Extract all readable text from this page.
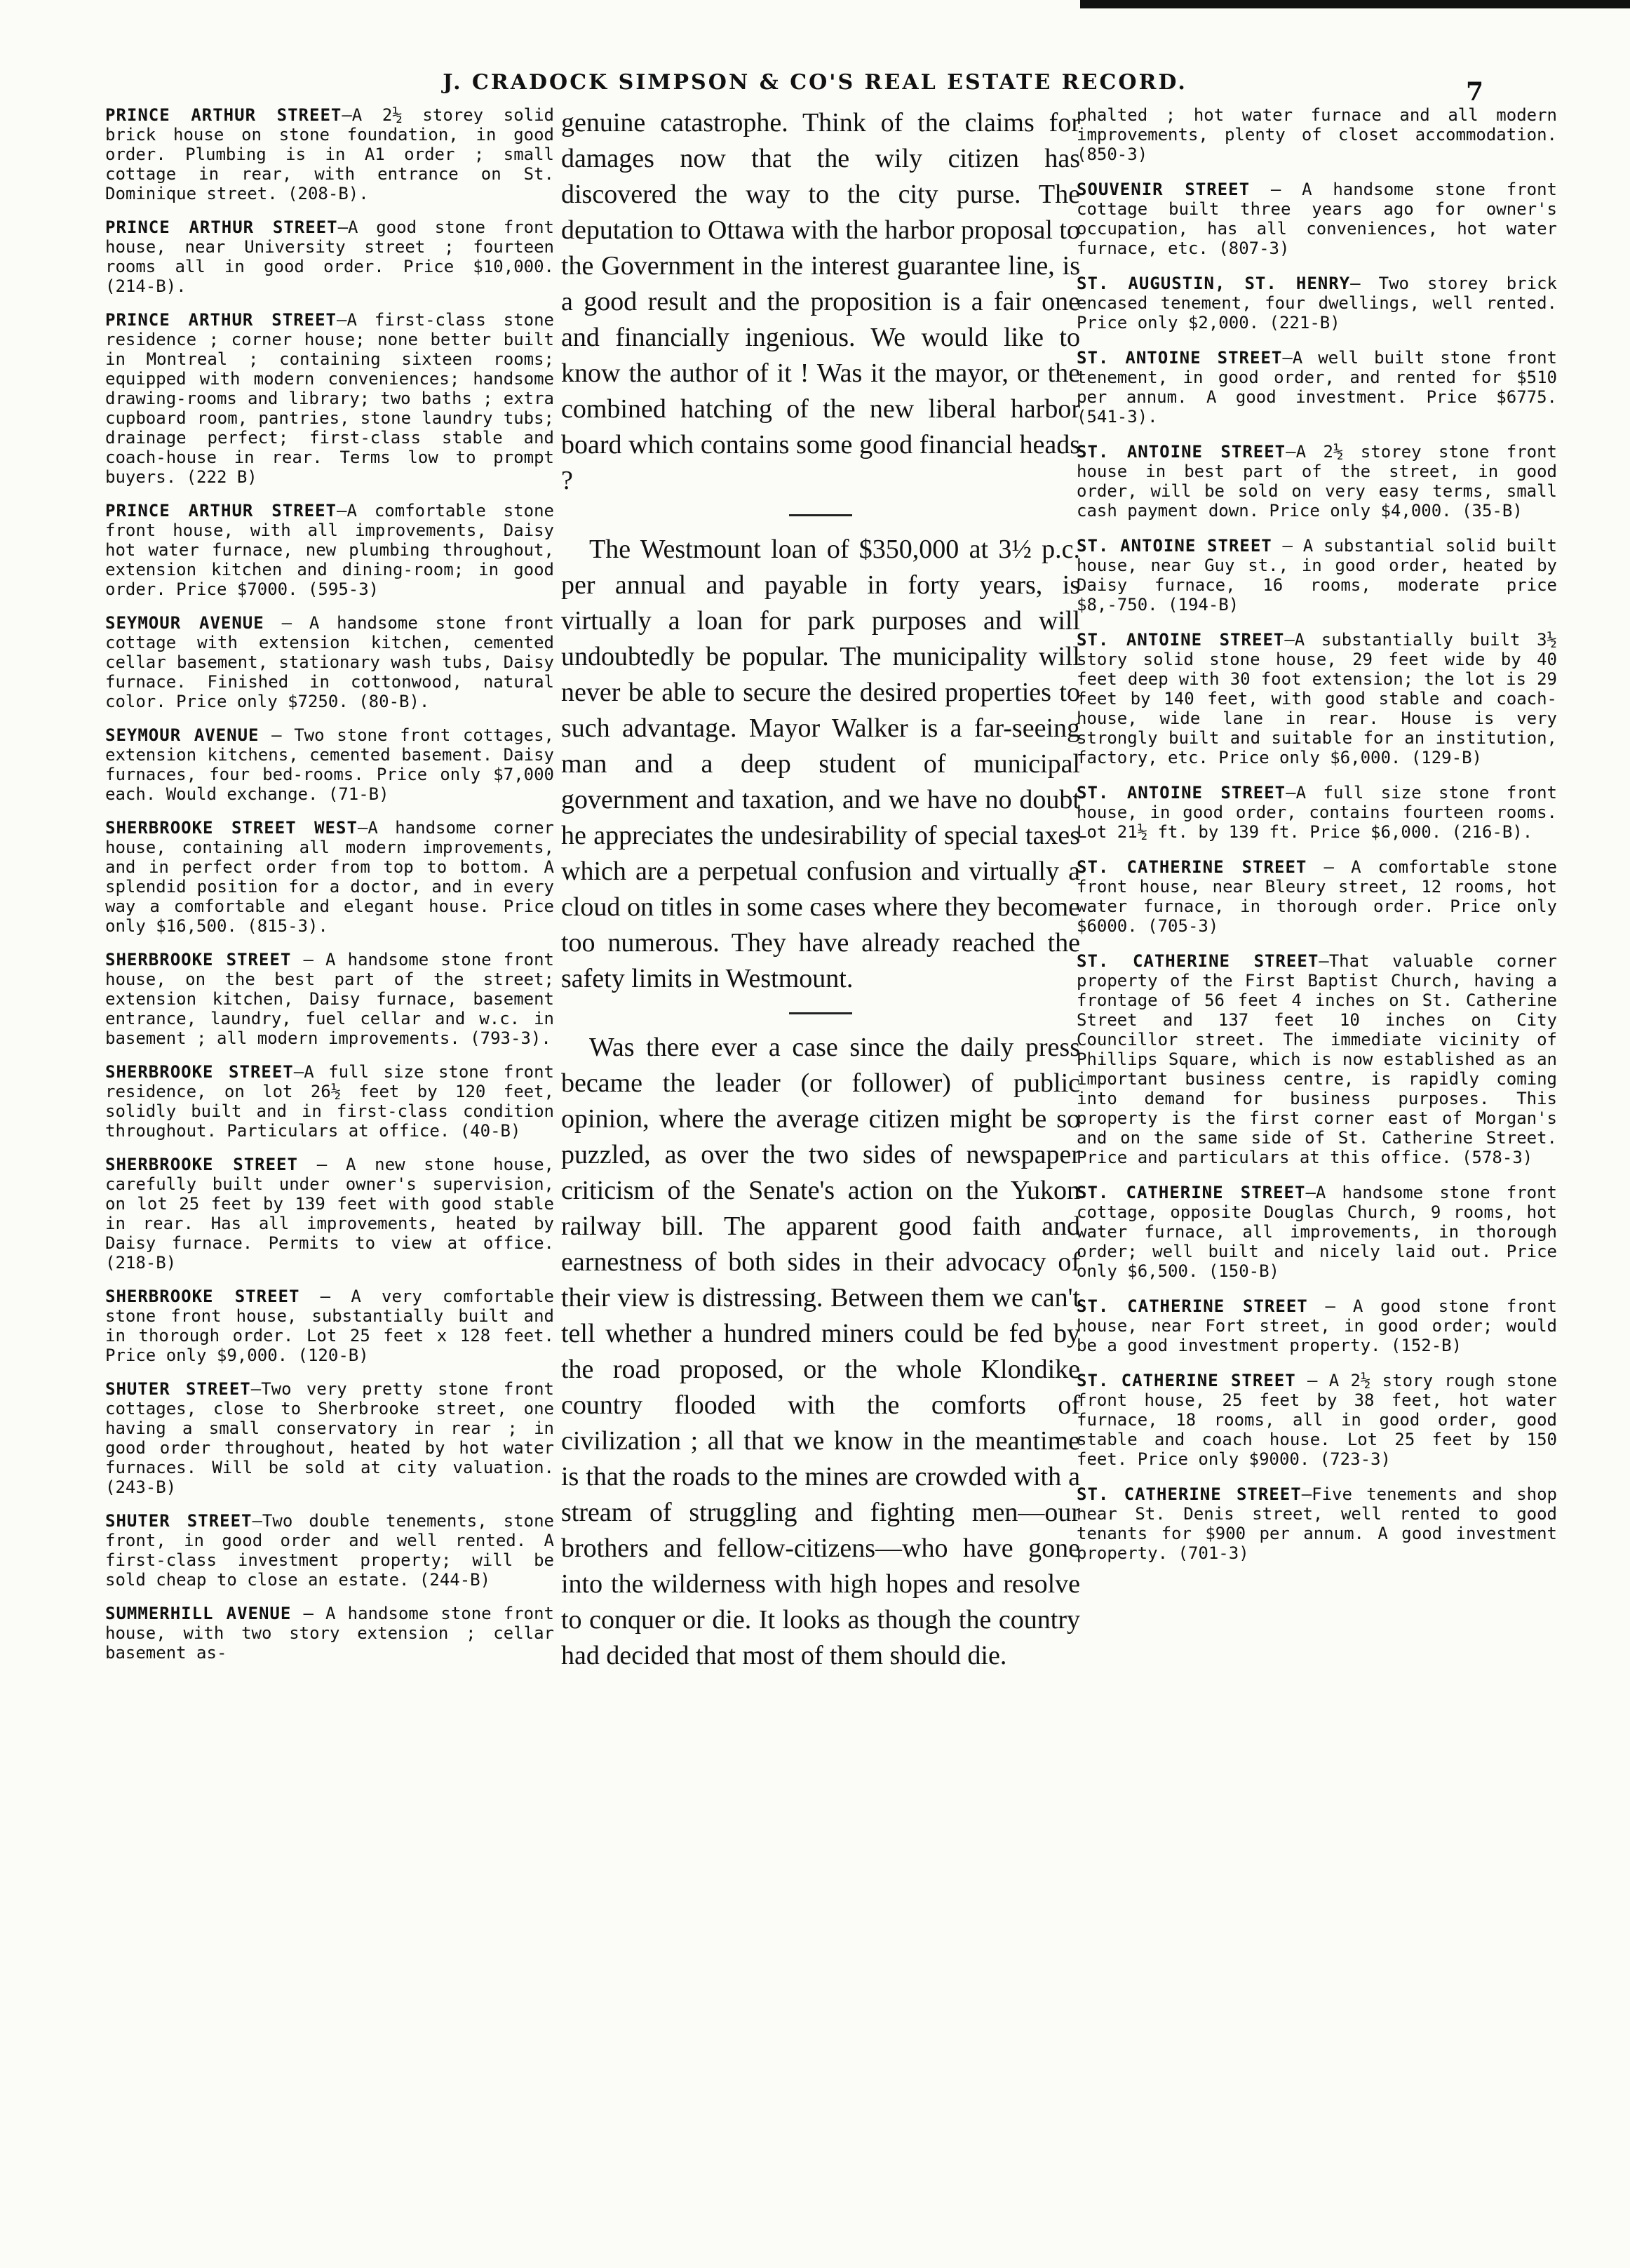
J. CRADOCK SIMPSON & CO'S REAL ESTATE RECORD.	7

PRINCE ARTHUR STREET—A 2½ storey solid brick house on stone foundation, in good order. Plumbing is in A1 order ; small cottage in rear, with entrance on St. Dominique street. (208-B).

PRINCE ARTHUR STREET—A good stone front house, near University street ; fourteen rooms all in good order. Price $10,000. (214-B).

PRINCE ARTHUR STREET—A first-class stone residence ; corner house; none better built in Montreal ; containing sixteen rooms; equipped with modern conveniences; handsome drawing-rooms and library; two baths ; extra cupboard room, pantries, stone laundry tubs; drainage perfect; first-class stable and coach-house in rear. Terms low to prompt buyers. (222 B)

PRINCE ARTHUR STREET—A comfortable stone front house, with all improvements, Daisy hot water furnace, new plumbing throughout, extension kitchen and dining-room; in good order. Price $7000. (595-3)

SEYMOUR AVENUE — A handsome stone front cottage with extension kitchen, cemented cellar basement, stationary wash tubs, Daisy furnace. Finished in cottonwood, natural color. Price only $7250. (80-B).

SEYMOUR AVENUE — Two stone front cottages, extension kitchens, cemented basement. Daisy furnaces, four bed-rooms. Price only $7,000 each. Would exchange. (71-B)

SHERBROOKE STREET WEST—A handsome corner house, containing all modern improvements, and in perfect order from top to bottom. A splendid position for a doctor, and in every way a comfortable and elegant house. Price only $16,500. (815-3).

SHERBROOKE STREET — A handsome stone front house, on the best part of the street; extension kitchen, Daisy furnace, basement entrance, laundry, fuel cellar and w.c. in basement ; all modern improvements. (793-3).

SHERBROOKE STREET—A full size stone front residence, on lot 26½ feet by 120 feet, solidly built and in first-class condition throughout. Particulars at office. (40-B)

SHERBROOKE STREET — A new stone house, carefully built under owner's supervision, on lot 25 feet by 139 feet with good stable in rear. Has all improvements, heated by Daisy furnace. Permits to view at office. (218-B)

SHERBROOKE STREET — A very comfortable stone front house, substantially built and in thorough order. Lot 25 feet x 128 feet. Price only $9,000. (120-B)

SHUTER STREET—Two very pretty stone front cottages, close to Sherbrooke street, one having a small conservatory in rear ; in good order throughout, heated by hot water furnaces. Will be sold at city valuation. (243-B)

SHUTER STREET—Two double tenements, stone front, in good order and well rented. A first-class investment property; will be sold cheap to close an estate. (244-B)

SUMMERHILL AVENUE — A handsome stone front house, with two story extension ; cellar basement as-

genuine catastrophe. Think of the claims for damages now that the wily citizen has discovered the way to the city purse. The deputation to Ottawa with the harbor proposal to the Government in the interest guarantee line, is a good result and the proposition is a fair one and financially ingenious. We would like to know the author of it ! Was it the mayor, or the combined hatching of the new liberal harbor board which contains some good financial heads ?

The Westmount loan of $350,000 at 3½ p.c. per annual and payable in forty years, is virtually a loan for park purposes and will undoubtedly be popular. The municipality will never be able to secure the desired properties to such advantage. Mayor Walker is a far-seeing man and a deep student of municipal government and taxation, and we have no doubt he appreciates the undesirability of special taxes which are a perpetual confusion and virtually a cloud on titles in some cases where they become too numerous. They have already reached the safety limits in Westmount.

Was there ever a case since the daily press became the leader (or follower) of public opinion, where the average citizen might be so puzzled, as over the two sides of newspaper criticism of the Senate's action on the Yukon railway bill. The apparent good faith and earnestness of both sides in their advocacy of their view is distressing. Between them we can't tell whether a hundred miners could be fed by the road proposed, or the whole Klondike country flooded with the comforts of civilization ; all that we know in the meantime is that the roads to the mines are crowded with a stream of struggling and fighting men—our brothers and fellow-citizens—who have gone into the wilderness with high hopes and resolve to conquer or die. It looks as though the country had decided that most of them should die.

phalted ; hot water furnace and all modern improvements, plenty of closet accommodation. (850-3)

SOUVENIR STREET — A handsome stone front cottage built three years ago for owner's occupation, has all conveniences, hot water furnace, etc. (807-3)

ST. AUGUSTIN, ST. HENRY— Two storey brick encased tenement, four dwellings, well rented. Price only $2,000. (221-B)

ST. ANTOINE STREET—A well built stone front tenement, in good order, and rented for $510 per annum. A good investment. Price $6775. (541-3).

ST. ANTOINE STREET—A 2½ storey stone front house in best part of the street, in good order, will be sold on very easy terms, small cash payment down. Price only $4,000. (35-B)

ST. ANTOINE STREET — A substantial solid built house, near Guy st., in good order, heated by Daisy furnace, 16 rooms, moderate price $8,-750. (194-B)

ST. ANTOINE STREET—A substantially built 3½ story solid stone house, 29 feet wide by 40 feet deep with 30 foot extension; the lot is 29 feet by 140 feet, with good stable and coach-house, wide lane in rear. House is very strongly built and suitable for an institution, factory, etc. Price only $6,000. (129-B)

ST. ANTOINE STREET—A full size stone front house, in good order, contains fourteen rooms. Lot 21½ ft. by 139 ft. Price $6,000. (216-B).

ST. CATHERINE STREET — A comfortable stone front house, near Bleury street, 12 rooms, hot water furnace, in thorough order. Price only $6000. (705-3)

ST. CATHERINE STREET—That valuable corner property of the First Baptist Church, having a frontage of 56 feet 4 inches on St. Catherine Street and 137 feet 10 inches on City Councillor street. The immediate vicinity of Phillips Square, which is now established as an important business centre, is rapidly coming into demand for business purposes. This property is the first corner east of Morgan's and on the same side of St. Catherine Street. Price and particulars at this office. (578-3)

ST. CATHERINE STREET—A handsome stone front cottage, opposite Douglas Church, 9 rooms, hot water furnace, all improvements, in thorough order; well built and nicely laid out. Price only $6,500. (150-B)

ST. CATHERINE STREET — A good stone front house, near Fort street, in good order; would be a good investment property. (152-B)

ST. CATHERINE STREET — A 2½ story rough stone front house, 25 feet by 38 feet, hot water furnace, 18 rooms, all in good order, good stable and coach house. Lot 25 feet by 150 feet. Price only $9000. (723-3)

ST. CATHERINE STREET—Five tenements and shop near St. Denis street, well rented to good tenants for $900 per annum. A good investment property. (701-3)
